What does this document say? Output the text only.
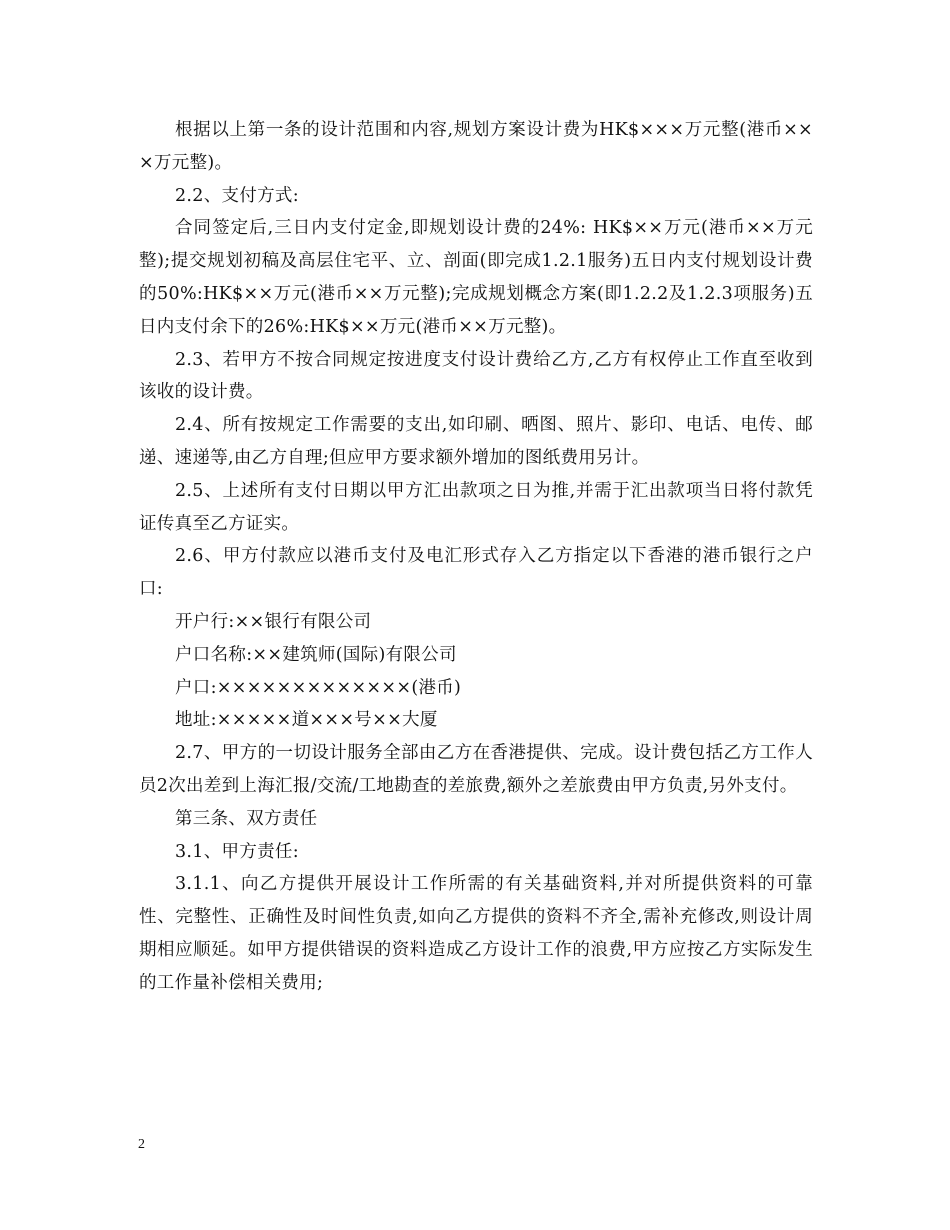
根据以上第一条的设计范围和内容,规划方案设计费为HK$×××万元整(港币×××万元整)。

2.2、支付方式:

合同签定后,三日内支付定金,即规划设计费的24%: HK$××万元(港币××万元整);提交规划初稿及高层住宅平、立、剖面(即完成1.2.1服务)五日内支付规划设计费的50%:HK$××万元(港币××万元整);完成规划概念方案(即1.2.2及1.2.3项服务)五日内支付余下的26%:HK$××万元(港币××万元整)。

2.3、若甲方不按合同规定按进度支付设计费给乙方,乙方有权停止工作直至收到该收的设计费。

2.4、所有按规定工作需要的支出,如印刷、晒图、照片、影印、电话、电传、邮递、速递等,由乙方自理;但应甲方要求额外增加的图纸费用另计。

2.5、上述所有支付日期以甲方汇出款项之日为推,并需于汇出款项当日将付款凭证传真至乙方证实。

2.6、甲方付款应以港币支付及电汇形式存入乙方指定以下香港的港币银行之户口:

开户行:××银行有限公司

户口名称:××建筑师(国际)有限公司

户口:×××××××××××××(港币)

地址:×××××道×××号××大厦

2.7、甲方的一切设计服务全部由乙方在香港提供、完成。设计费包括乙方工作人员2次出差到上海汇报/交流/工地勘查的差旅费,额外之差旅费由甲方负责,另外支付。

第三条、双方责任

3.1、甲方责任:

3.1.1、向乙方提供开展设计工作所需的有关基础资料,并对所提供资料的可靠性、完整性、正确性及时间性负责,如向乙方提供的资料不齐全,需补充修改,则设计周期相应顺延。如甲方提供错误的资料造成乙方设计工作的浪费,甲方应按乙方实际发生的工作量补偿相关费用;

2
